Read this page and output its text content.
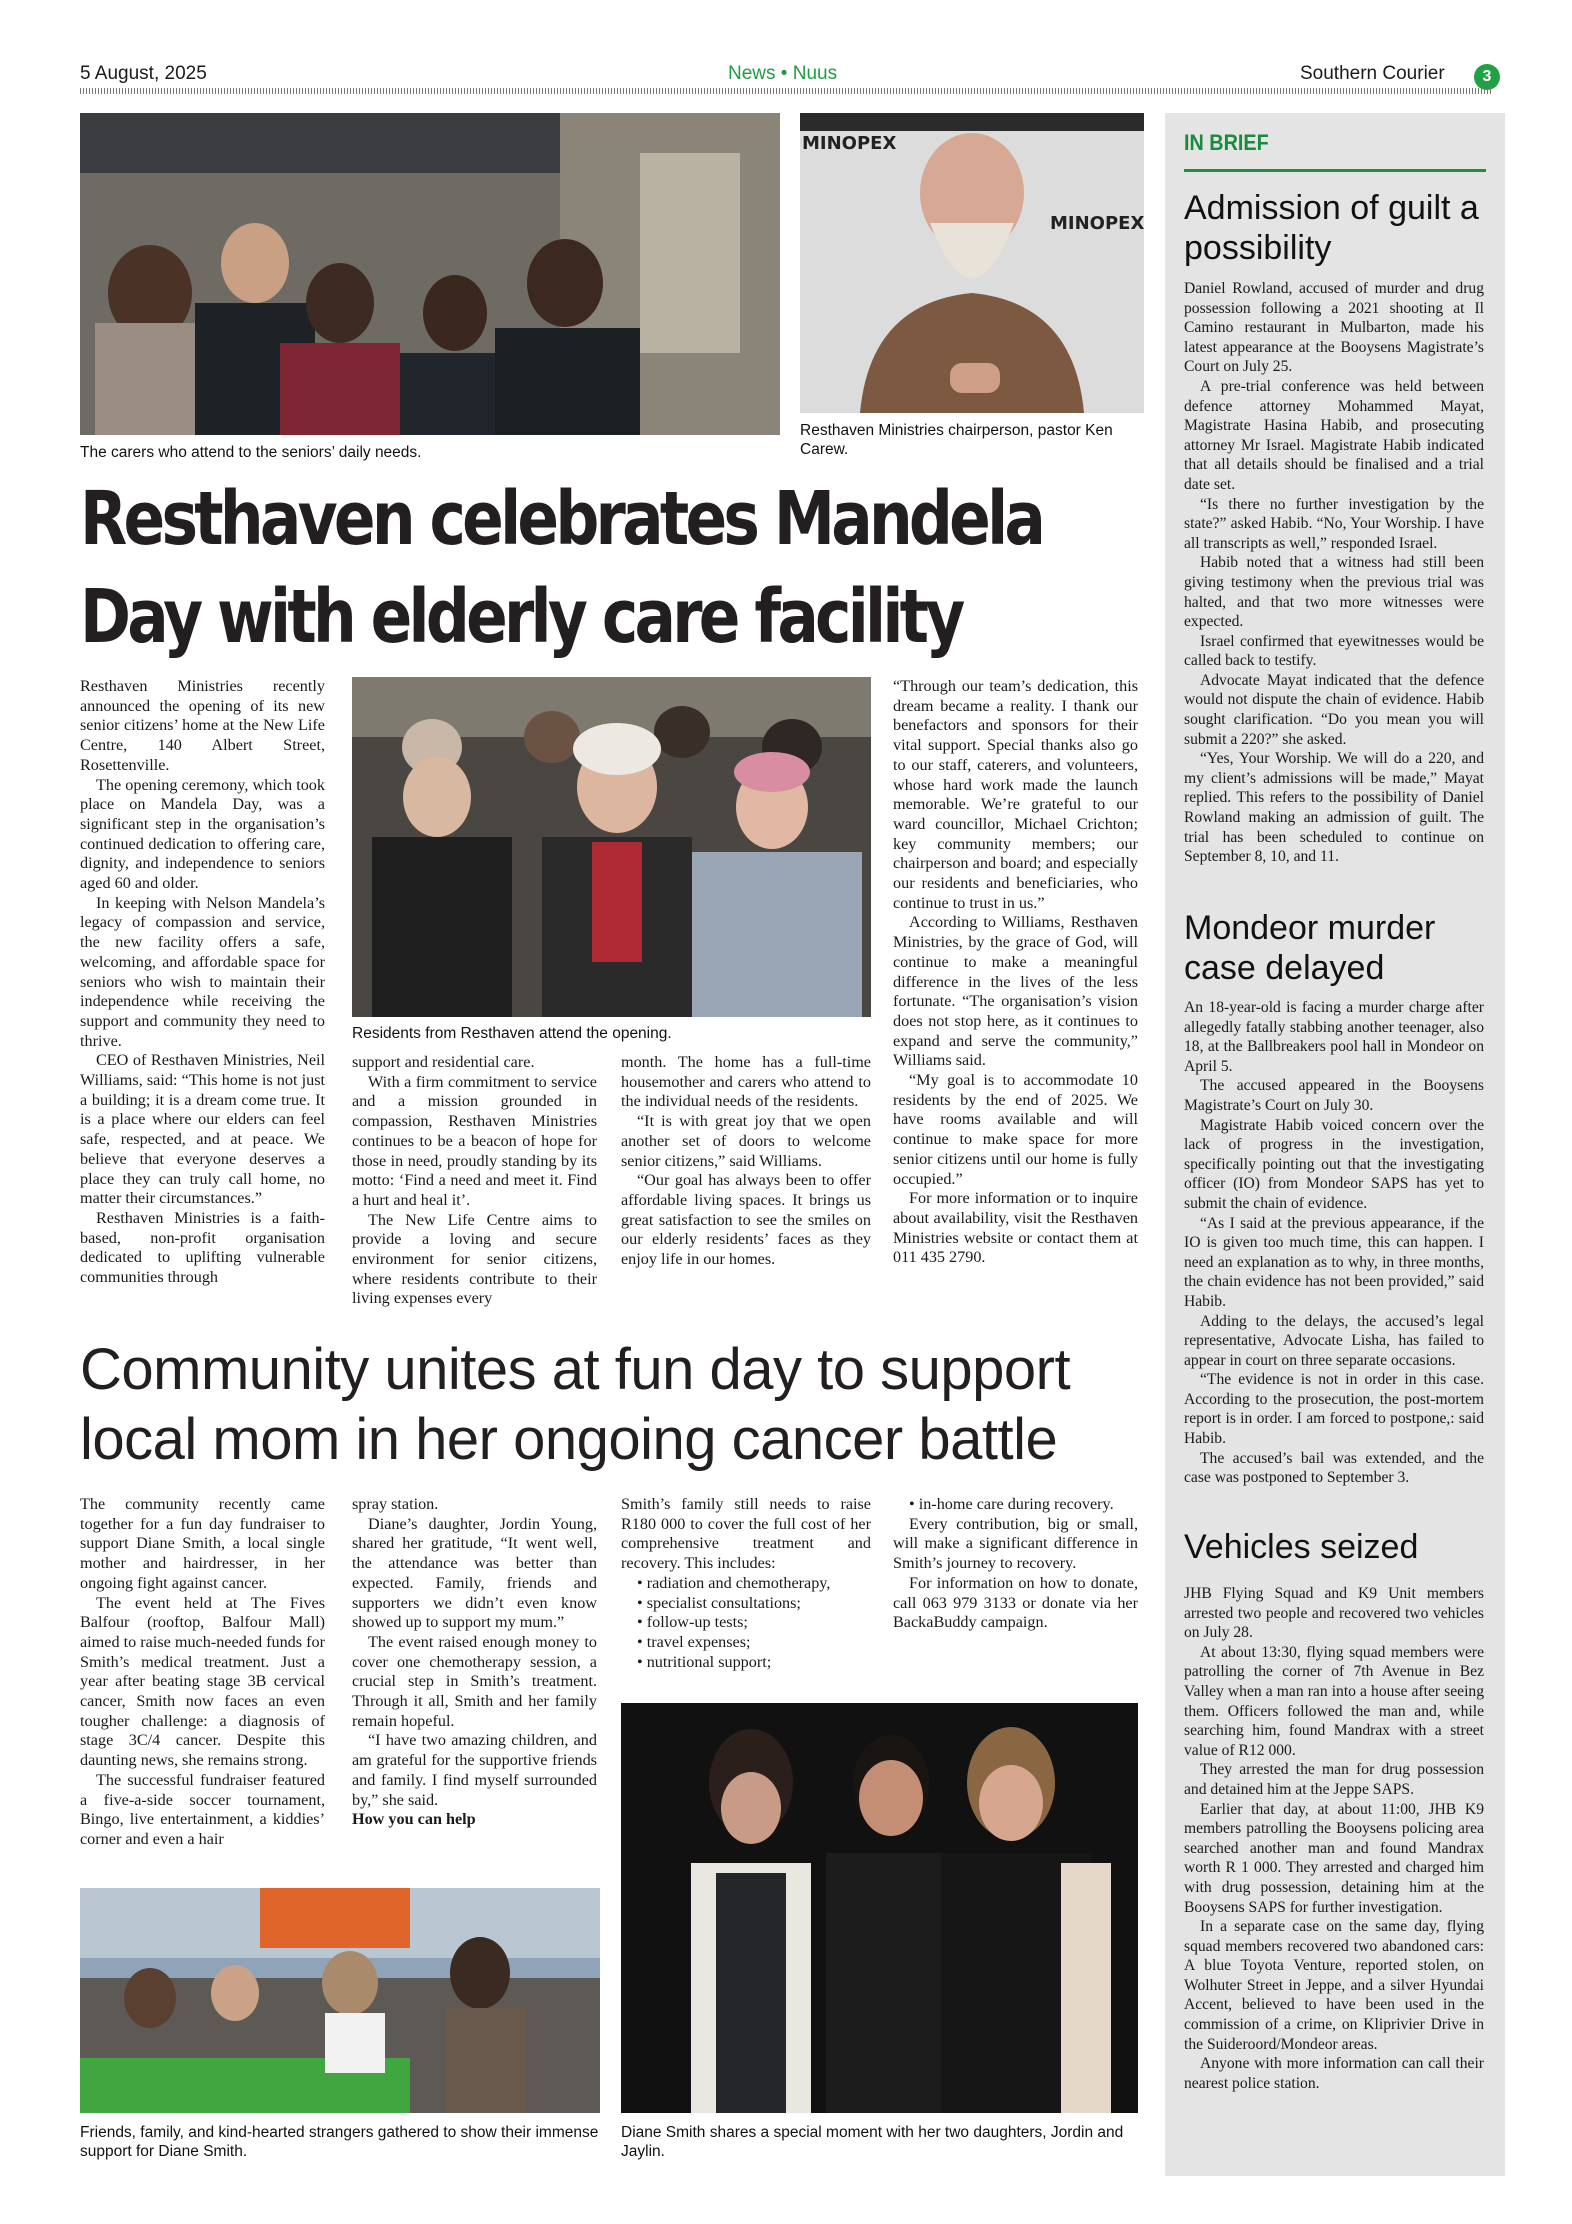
5 August, 2025	News • Nuus	Southern Courier	3
The carers who attend to the seniors’ daily needs.
MINOPEX
MINOPEX
Resthaven Ministries chairperson, pastor Ken Carew.
Resthaven celebrates Mandela
Day with elderly care facility

Resthaven Ministries recently announced the opening of its new senior citizens’ home at the New Life Centre, 140 Albert Street, Rosettenville.

The opening ceremony, which took place on Mandela Day, was a significant step in the organisation’s continued dedication to offering care, dignity, and independence to seniors aged 60 and older.

In keeping with Nelson Mandela’s legacy of compassion and service, the new facility offers a safe, welcoming, and affordable space for seniors who wish to maintain their independence while receiving the support and community they need to thrive.

CEO of Resthaven Ministries, Neil Williams, said: “This home is not just a building; it is a dream come true. It is a place where our elders can feel safe, respected, and at peace. We believe that everyone deserves a place they can truly call home, no matter their circumstances.”

Resthaven Ministries is a faith-based, non-profit organisation dedicated to uplifting vulnerable communities through

Residents from Resthaven attend the opening.

support and residential care.

With a firm commitment to service and a mission grounded in compassion, Resthaven Ministries continues to be a beacon of hope for those in need, proudly standing by its motto: ‘Find a need and meet it. Find a hurt and heal it’.

The New Life Centre aims to provide a loving and secure environment for senior citizens, where residents contribute to their living expenses every

month. The home has a full-time housemother and carers who attend to the individual needs of the residents.

“It is with great joy that we open another set of doors to welcome senior citizens,” said Williams.

“Our goal has always been to offer affordable living spaces. It brings us great satisfaction to see the smiles on our elderly residents’ faces as they enjoy life in our homes.

“Through our team’s dedication, this dream became a reality. I thank our benefactors and sponsors for their vital support. Special thanks also go to our staff, caterers, and volunteers, whose hard work made the launch memorable. We’re grateful to our ward councillor, Michael Crichton; key community members; our chairperson and board; and especially our residents and beneficiaries, who continue to trust in us.”

According to Williams, Resthaven Ministries, by the grace of God, will continue to make a meaningful difference in the lives of the less fortunate. “The organisation’s vision does not stop here, as it continues to expand and serve the community,” Williams said.

“My goal is to accommodate 10 residents by the end of 2025. We have rooms available and will continue to make space for more senior citizens until our home is fully occupied.”

For more information or to inquire about availability, visit the Resthaven Ministries website or contact them at 011 435 2790.

Community unites at fun day to support local mom in her ongoing cancer battle

The community recently came together for a fun day fundraiser to support Diane Smith, a local single mother and hairdresser, in her ongoing fight against cancer.

The event held at The Fives Balfour (rooftop, Balfour Mall) aimed to raise much-needed funds for Smith’s medical treatment. Just a year after beating stage 3B cervical cancer, Smith now faces an even tougher challenge: a diagnosis of stage 3C/4 cancer. Despite this daunting news, she remains strong.

The successful fundraiser featured a five-a-side soccer tournament, Bingo, live entertainment, a kiddies’ corner and even a hair

spray station.

Diane’s daughter, Jordin Young, shared her gratitude, “It went well, the attendance was better than expected. Family, friends and supporters we didn’t even know showed up to support my mum.”

The event raised enough money to cover one chemotherapy session, a crucial step in Smith’s treatment. Through it all, Smith and her family remain hopeful.

“I have two amazing children, and am grateful for the supportive friends and family. I find myself surrounded by,” she said.

How you can help

Smith’s family still needs to raise R180 000 to cover the full cost of her comprehensive treatment and recovery. This includes:

• radiation and chemotherapy,

• specialist consultations;

• follow-up tests;

• travel expenses;

• nutritional support;

• in-home care during recovery.

Every contribution, big or small, will make a significant difference in Smith’s journey to recovery.

For information on how to donate, call 063 979 3133 or donate via her BackaBuddy campaign.

Diane Smith shares a special moment with her two daughters, Jordin and Jaylin.
Friends, family, and kind-hearted strangers gathered to show their immense support for Diane Smith.
IN BRIEF
Admission of guilt a possibility

Daniel Rowland, accused of murder and drug possession following a 2021 shooting at Il Camino restaurant in Mulbarton, made his latest appearance at the Booysens Magistrate’s Court on July 25.

A pre-trial conference was held between defence attorney Mohammed Mayat, Magistrate Hasina Habib, and prosecuting attorney Mr Israel. Magistrate Habib indicated that all details should be finalised and a trial date set.

“Is there no further investigation by the state?” asked Habib. “No, Your Worship. I have all transcripts as well,” responded Israel.

Habib noted that a witness had still been giving testimony when the previous trial was halted, and that two more witnesses were expected.

Israel confirmed that eyewitnesses would be called back to testify.

Advocate Mayat indicated that the defence would not dispute the chain of evidence. Habib sought clarification. “Do you mean you will submit a 220?” she asked.

“Yes, Your Worship. We will do a 220, and my client’s admissions will be made,” Mayat replied. This refers to the possibility of Daniel Rowland making an admission of guilt. The trial has been scheduled to continue on September 8, 10, and 11.

Mondeor murder case delayed

An 18-year-old is facing a murder charge after allegedly fatally stabbing another teenager, also 18, at the Ballbreakers pool hall in Mondeor on April 5.

The accused appeared in the Booysens Magistrate’s Court on July 30.

Magistrate Habib voiced concern over the lack of progress in the investigation, specifically pointing out that the investigating officer (IO) from Mondeor SAPS has yet to submit the chain of evidence.

“As I said at the previous appearance, if the IO is given too much time, this can happen. I need an explanation as to why, in three months, the chain evidence has not been provided,” said Habib.

Adding to the delays, the accused’s legal representative, Advocate Lisha, has failed to appear in court on three separate occasions.

“The evidence is not in order in this case. According to the prosecution, the post-mortem report is in order. I am forced to postpone,: said Habib.

The accused’s bail was extended, and the case was postponed to September 3.

Vehicles seized

JHB Flying Squad and K9 Unit members arrested two people and recovered two vehicles on July 28.

At about 13:30, flying squad members were patrolling the corner of 7th Avenue in Bez Valley when a man ran into a house after seeing them. Officers followed the man and, while searching him, found Mandrax with a street value of R12 000.

They arrested the man for drug possession and detained him at the Jeppe SAPS.

Earlier that day, at about 11:00, JHB K9 members patrolling the Booysens policing area searched another man and found Mandrax worth R 1 000. They arrested and charged him with drug possession, detaining him at the Booysens SAPS for further investigation.

In a separate case on the same day, flying squad members recovered two abandoned cars: A blue Toyota Venture, reported stolen, on Wolhuter Street in Jeppe, and a silver Hyundai Accent, believed to have been used in the commission of a crime, on Kliprivier Drive in the Suideroord/Mondeor areas.

Anyone with more information can call their nearest police station.
